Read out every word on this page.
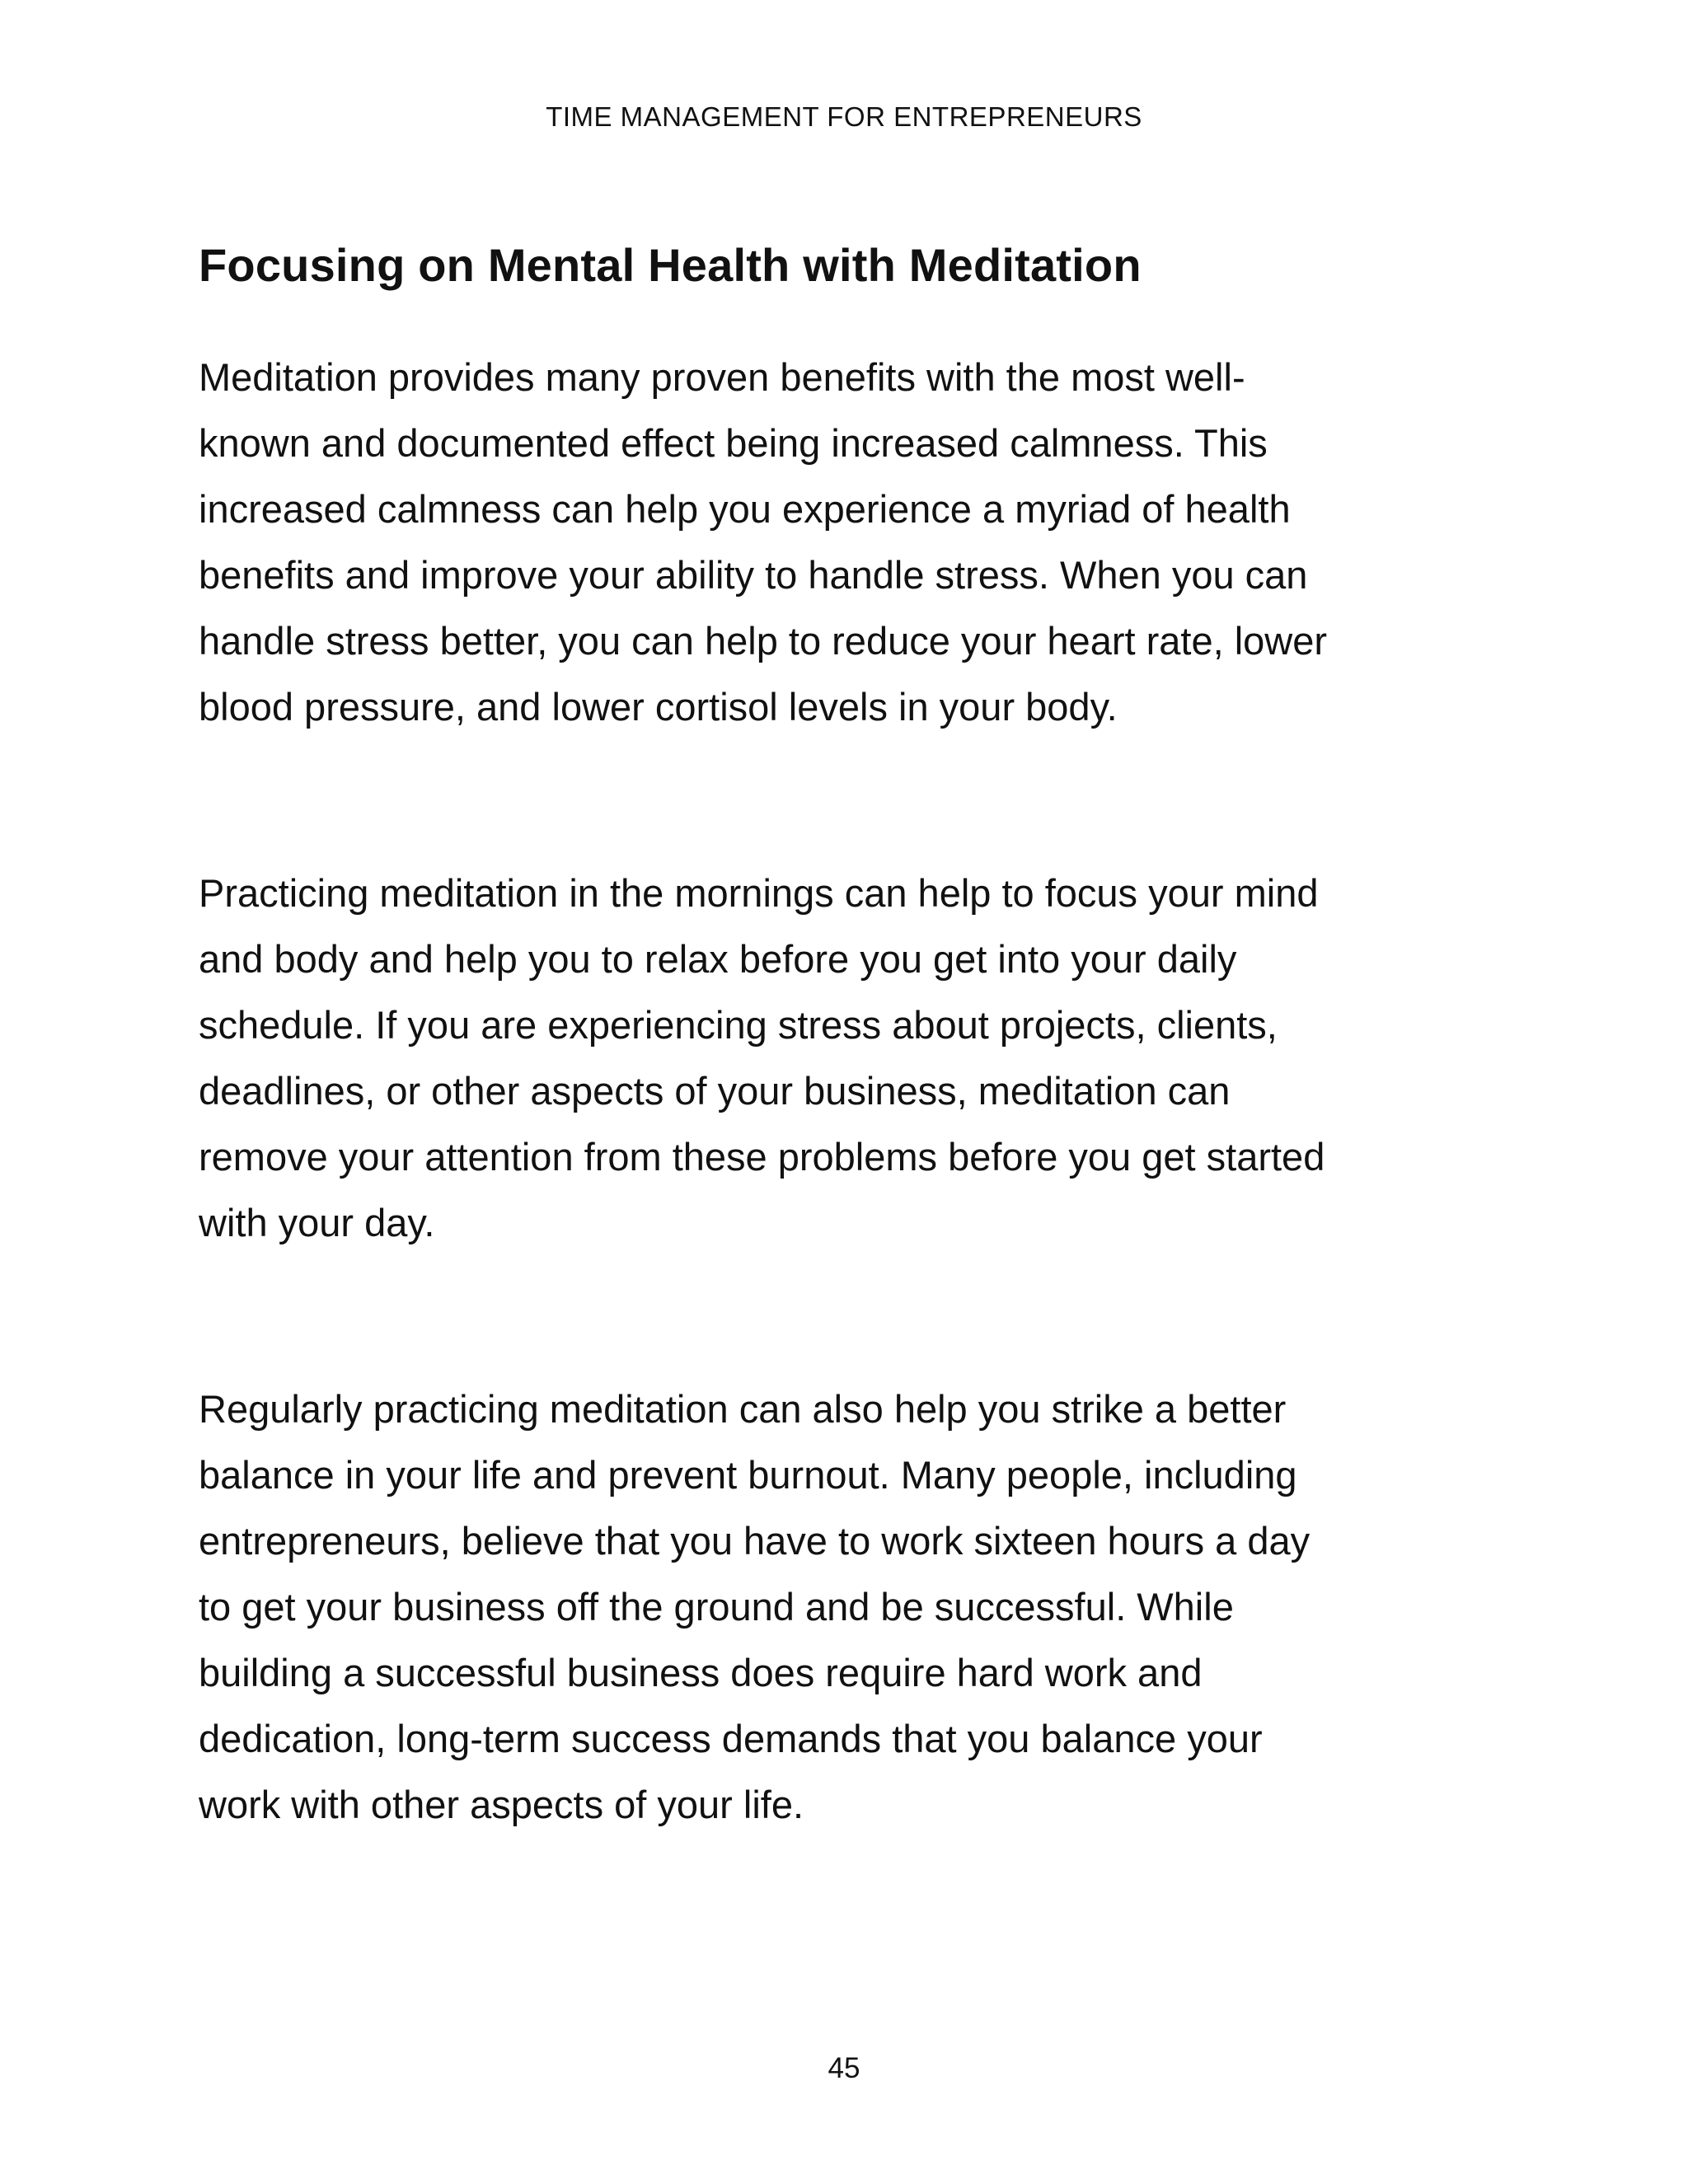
TIME MANAGEMENT FOR ENTREPRENEURS
Focusing on Mental Health with Meditation

Meditation provides many proven benefits with the most well-
known and documented effect being increased calmness. This
increased calmness can help you experience a myriad of health
benefits and improve your ability to handle stress. When you can
handle stress better, you can help to reduce your heart rate, lower
blood pressure, and lower cortisol levels in your body.

Practicing meditation in the mornings can help to focus your mind
and body and help you to relax before you get into your daily
schedule. If you are experiencing stress about projects, clients,
deadlines, or other aspects of your business, meditation can
remove your attention from these problems before you get started
with your day.

Regularly practicing meditation can also help you strike a better
balance in your life and prevent burnout. Many people, including
entrepreneurs, believe that you have to work sixteen hours a day
to get your business off the ground and be successful. While
building a successful business does require hard work and
dedication, long-term success demands that you balance your
work with other aspects of your life.

45
